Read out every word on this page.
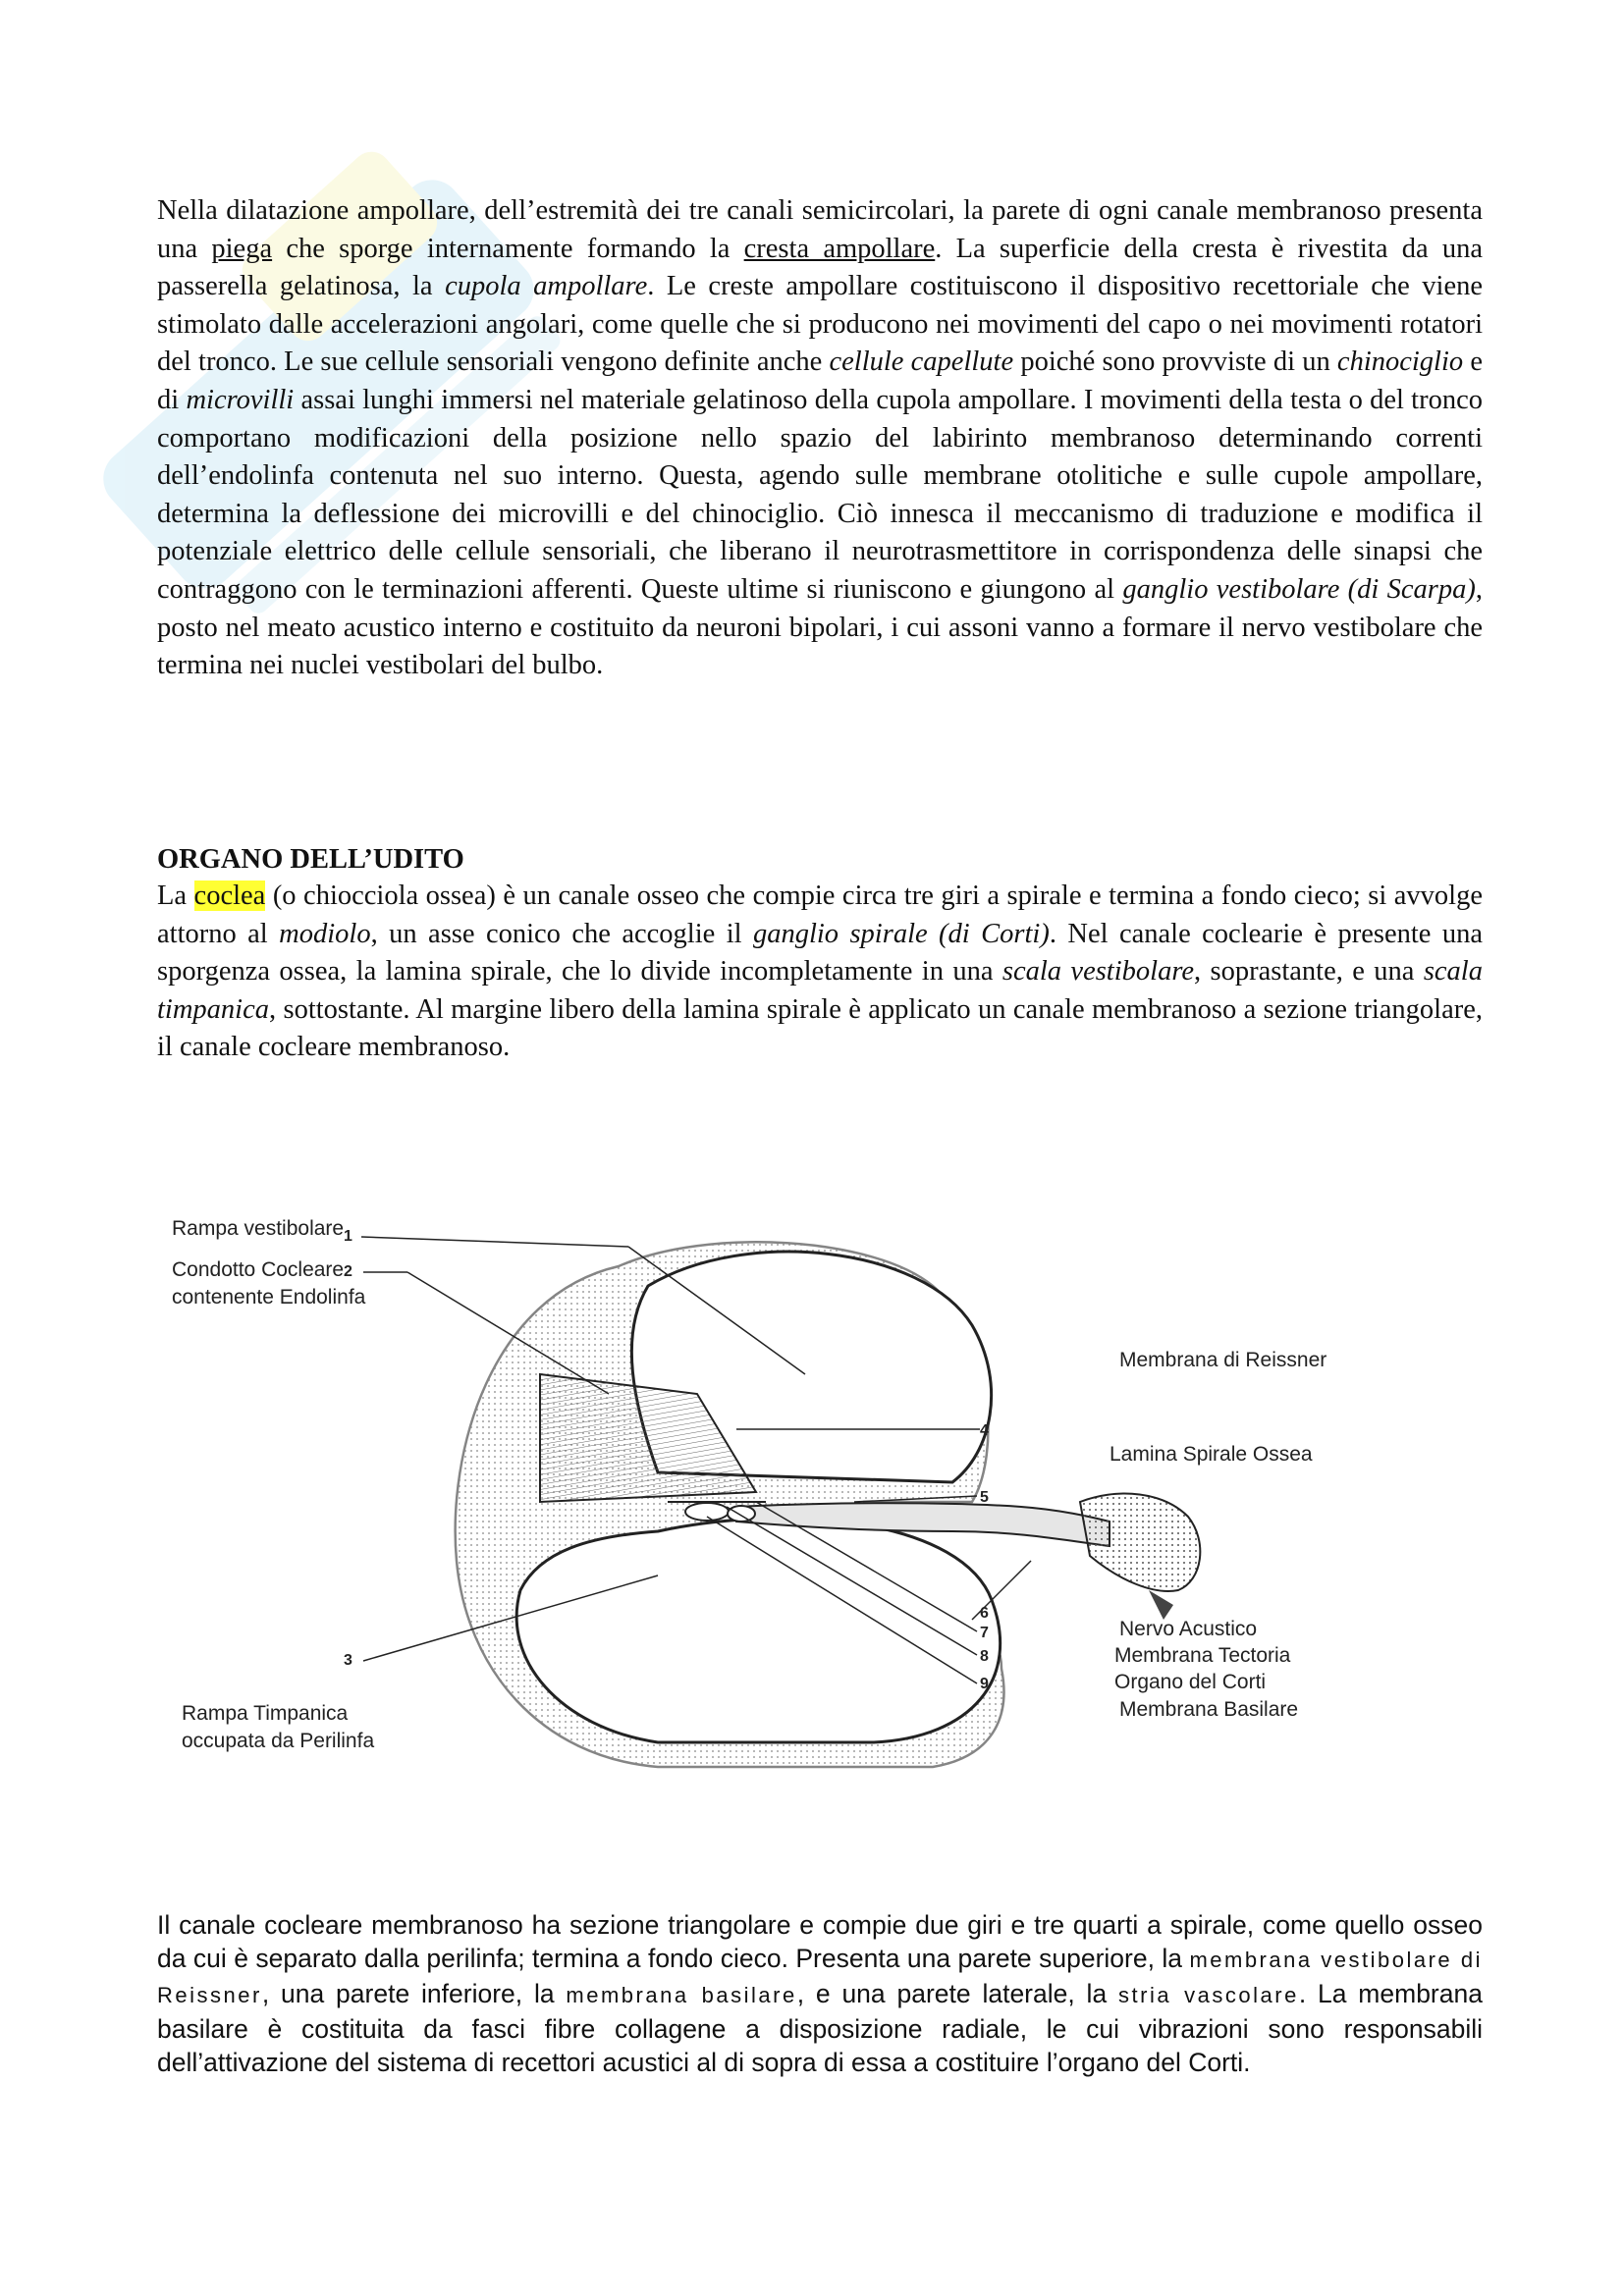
Nella dilatazione ampollare, dell’estremità dei tre canali semicircolari, la parete di ogni canale membranoso presenta una piega che sporge internamente formando la cresta ampollare. La superficie della cresta è rivestita da una passerella gelatinosa, la cupola ampollare. Le creste ampollare costituiscono il dispositivo recettoriale che viene stimolato dalle accelerazioni angolari, come quelle che si producono nei movimenti del capo o nei movimenti rotatori del tronco. Le sue cellule sensoriali vengono definite anche cellule capellute poiché sono provviste di un chinociglio e di microvilli assai lunghi immersi nel materiale gelatinoso della cupola ampollare. I movimenti della testa o del tronco comportano modificazioni della posizione nello spazio del labirinto membranoso determinando correnti dell’endolinfa contenuta nel suo interno. Questa, agendo sulle membrane otolitiche e sulle cupole ampollare, determina la deflessione dei microvilli e del chinociglio. Ciò innesca il meccanismo di traduzione e modifica il potenziale elettrico delle cellule sensoriali, che liberano il neurotrasmettitore in corrispondenza delle sinapsi che contraggono con le terminazioni afferenti. Queste ultime si riuniscono e giungono al ganglio vestibolare (di Scarpa), posto nel meato acustico interno e costituito da neuroni bipolari, i cui assoni vanno a formare il nervo vestibolare che termina nei nuclei vestibolari del bulbo.

ORGANO DELL’UDITO

La coclea (o chiocciola ossea) è un canale osseo che compie circa tre giri a spirale e termina a fondo cieco; si avvolge attorno al modiolo, un asse conico che accoglie il ganglio spirale (di Corti). Nel canale coclearie è presente una sporgenza ossea, la lamina spirale, che lo divide incompletamente in una scala vestibolare, soprastante, e una scala timpanica, sottostante. Al margine libero della lamina spirale è applicato un canale membranoso a sezione triangolare, il canale cocleare membranoso.

1
2
3
4
5
6
7
8
9
Rampa vestibolare
Condotto Cocleare
contenente Endolinfa
Rampa Timpanica
occupata da Perilinfa
Membrana di Reissner
Lamina Spirale Ossea
Nervo Acustico
Membrana Tectoria
Organo del Corti
Membrana Basilare

Il canale cocleare membranoso ha sezione triangolare e compie due giri e tre quarti a spirale, come quello osseo da cui è separato dalla perilinfa; termina a fondo cieco. Presenta una parete superiore, la membrana vestibolare di Reissner, una parete inferiore, la membrana basilare, e una parete laterale, la stria vascolare. La membrana basilare è costituita da fasci fibre collagene a disposizione radiale, le cui vibrazioni sono responsabili dell’attivazione del sistema di recettori acustici al di sopra di essa a costituire l’organo del Corti.
